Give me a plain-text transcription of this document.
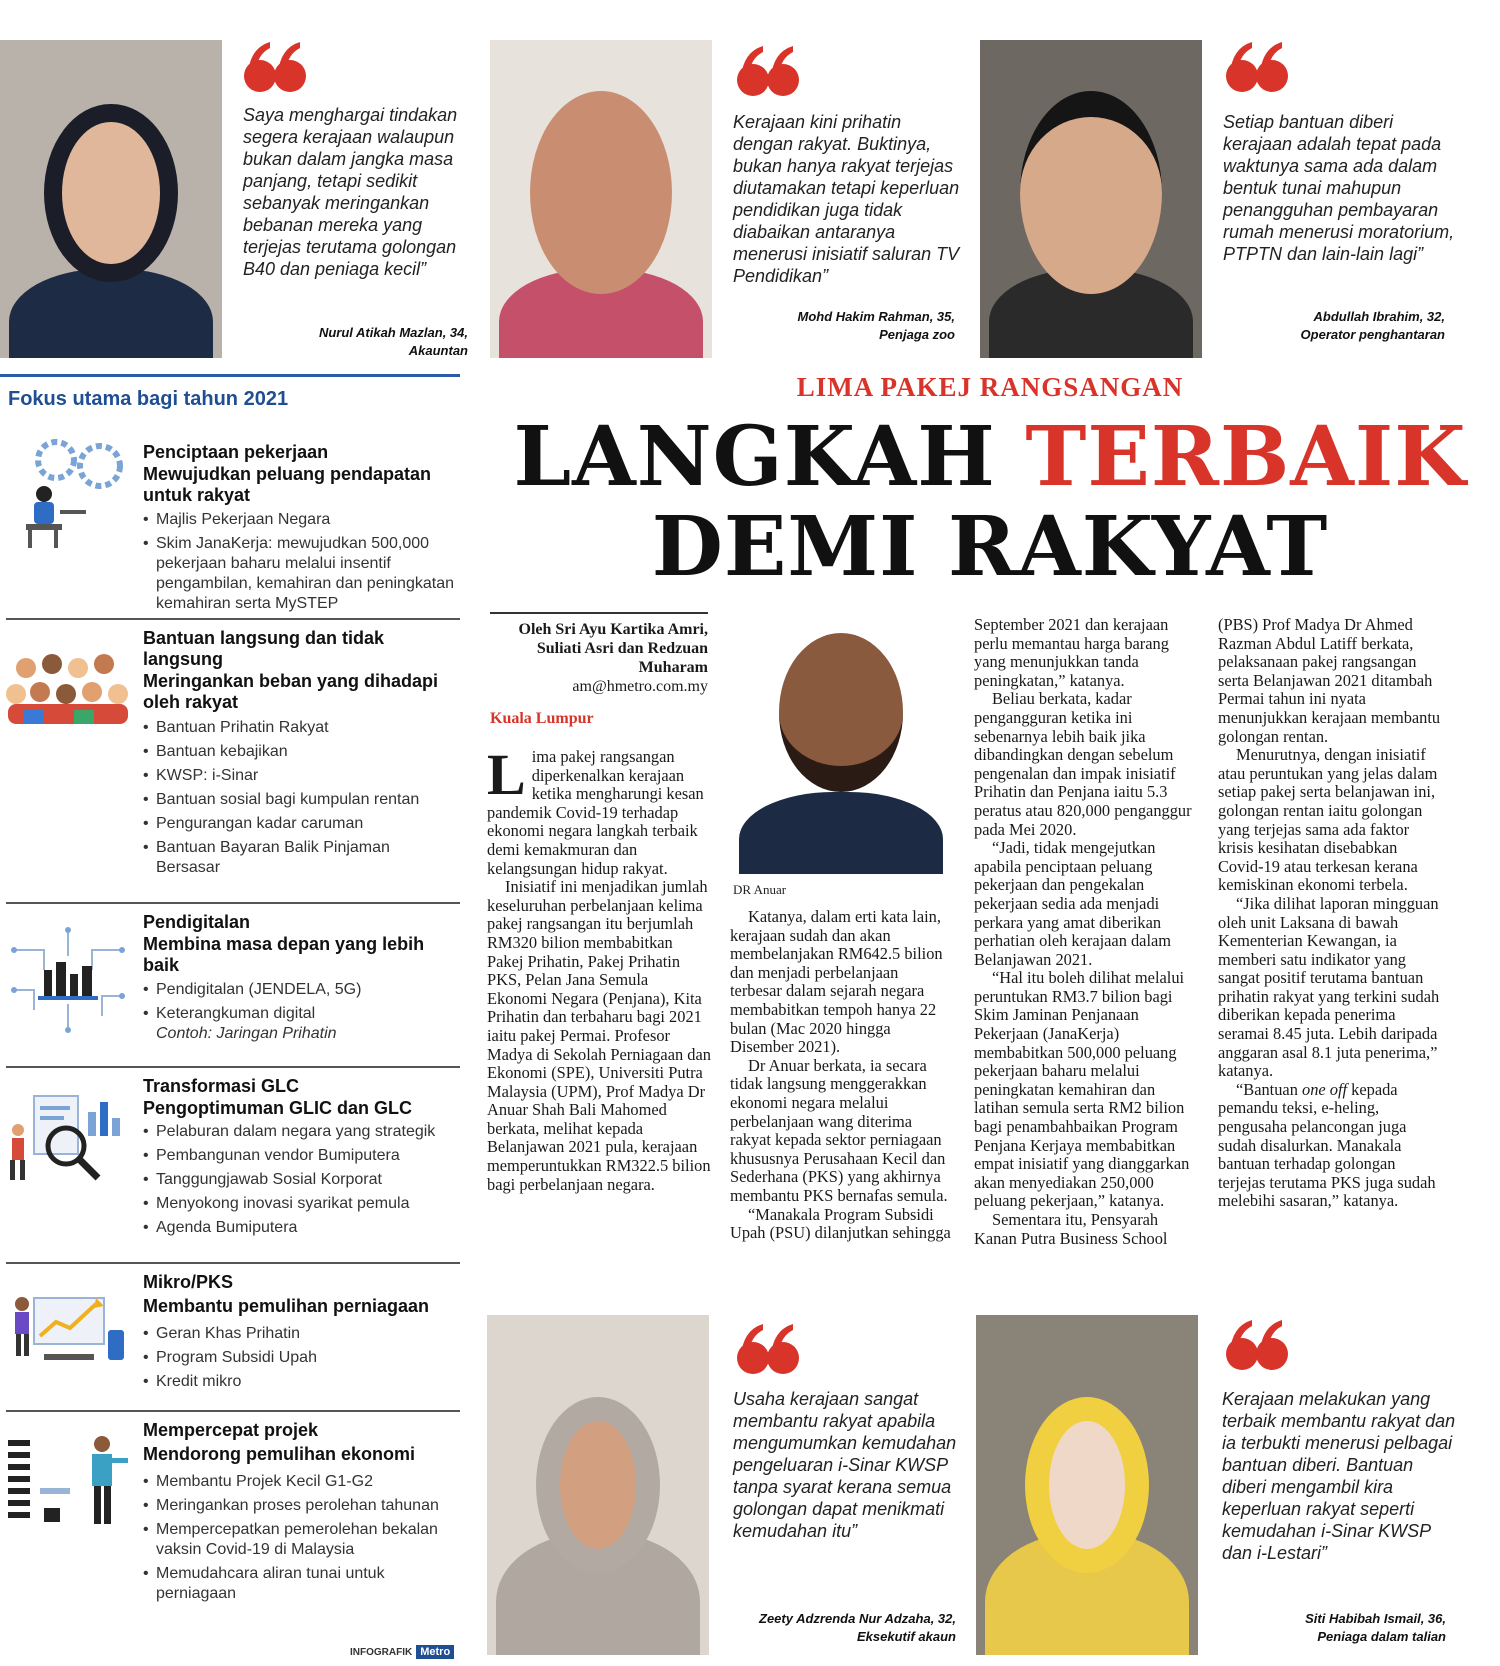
Saya menghargai tindakan segera kerajaan walaupun bukan dalam jangka masa panjang, tetapi sedikit sebanyak meringankan bebanan mereka yang terjejas terutama golongan B40 dan peniaga kecil”
Nurul Atikah Mazlan, 34,
Akauntan
Kerajaan kini prihatin dengan rakyat. Buktinya, bukan hanya rakyat terjejas diutamakan tetapi keperluan pendidikan juga tidak diabaikan antaranya menerusi inisiatif saluran TV Pendidikan”
Mohd Hakim Rahman, 35,
Penjaga zoo
Setiap bantuan diberi kerajaan adalah tepat pada waktunya sama ada dalam bentuk tunai mahupun penangguhan pembayaran rumah menerusi moratorium, PTPTN dan lain-lain lagi”
Abdullah Ibrahim, 32,
Operator penghantaran
Fokus utama bagi tahun 2021
Penciptaan pekerjaan
Mewujudkan peluang pendapatan untuk rakyat
• Majlis Pekerjaan Negara
• Skim JanaKerja: mewujudkan 500,000 pekerjaan baharu melalui insentif pengambilan, kemahiran dan peningkatan kemahiran serta MySTEP
Bantuan langsung dan tidak langsung
Meringankan beban yang dihadapi oleh rakyat
• Bantuan Prihatin Rakyat
• Bantuan kebajikan
• KWSP: i-Sinar
• Bantuan sosial bagi kumpulan rentan
• Pengurangan kadar caruman
• Bantuan Bayaran Balik Pinjaman Bersasar
Pendigitalan
Membina masa depan yang lebih baik
• Pendigitalan (JENDELA, 5G)
• Keterangkuman digital
Contoh: Jaringan Prihatin
Transformasi GLC
Pengoptimuman GLIC dan GLC
• Pelaburan dalam negara yang strategik
• Pembangunan vendor Bumiputera
• Tanggungjawab Sosial Korporat
• Menyokong inovasi syarikat pemula
• Agenda Bumiputera
Mikro/PKS
Membantu pemulihan perniagaan
• Geran Khas Prihatin
• Program Subsidi Upah
• Kredit mikro
Mempercepat projek
Mendorong pemulihan ekonomi
• Membantu Projek Kecil G1-G2
• Meringankan proses perolehan tahunan
• Mempercepatkan pemerolehan bekalan vaksin Covid-19 di Malaysia
• Memudahcara aliran tunai untuk perniagaan
INFOGRAFIK Metro
LIMA PAKEJ RANGSANGAN
LANGKAH TERBAIK
DEMI RAKYAT
Oleh Sri Ayu Kartika Amri, Suliati Asri dan Redzuan Muharam
am@hmetro.com.my
Kuala Lumpur

Lima pakej rangsangan diperkenalkan kerajaan ketika mengharungi kesan pandemik Covid-19 terhadap ekonomi negara langkah terbaik demi kemakmuran dan kelangsungan hidup rakyat.

Inisiatif ini menjadikan jumlah keseluruhan perbelanjaan kelima pakej rangsangan itu berjumlah RM320 bilion membabitkan Pakej Prihatin, Pakej Prihatin PKS, Pelan Jana Semula Ekonomi Negara (Penjana), Kita Prihatin dan terbaharu bagi 2021 iaitu pakej Permai. Profesor Madya di Sekolah Perniagaan dan Ekonomi (SPE), Universiti Putra Malaysia (UPM), Prof Madya Dr Anuar Shah Bali Mahomed berkata, melihat kepada Belanjawan 2021 pula, kerajaan memperuntukkan RM322.5 bilion bagi perbelanjaan negara.

DR Anuar

Katanya, dalam erti kata lain, kerajaan sudah dan akan membelanjakan RM642.5 bilion dan menjadi perbelanjaan terbesar dalam sejarah negara membabitkan tempoh hanya 22 bulan (Mac 2020 hingga Disember 2021).

Dr Anuar berkata, ia secara tidak langsung menggerakkan ekonomi negara melalui perbelanjaan wang diterima rakyat kepada sektor perniagaan khususnya Perusahaan Kecil dan Sederhana (PKS) yang akhirnya membantu PKS bernafas semula.

“Manakala Program Subsidi Upah (PSU) dilanjutkan sehingga

September 2021 dan kerajaan perlu memantau harga barang yang menunjukkan tanda peningkatan,” katanya.

Beliau berkata, kadar pengangguran ketika ini sebenarnya lebih baik jika dibandingkan dengan sebelum pengenalan dan impak inisiatif Prihatin dan Penjana iaitu 5.3 peratus atau 820,000 penganggur pada Mei 2020.

“Jadi, tidak mengejutkan apabila penciptaan peluang pekerjaan dan pengekalan pekerjaan sedia ada menjadi perkara yang amat diberikan perhatian oleh kerajaan dalam Belanjawan 2021.

“Hal itu boleh dilihat melalui peruntukan RM3.7 bilion bagi Skim Jaminan Penjanaan Pekerjaan (JanaKerja) membabitkan 500,000 peluang pekerjaan baharu melalui peningkatan kemahiran dan latihan semula serta RM2 bilion bagi penambahbaikan Program Penjana Kerjaya membabitkan empat inisiatif yang dianggarkan akan menyediakan 250,000 peluang pekerjaan,” katanya.

Sementara itu, Pensyarah Kanan Putra Business School

(PBS) Prof Madya Dr Ahmed Razman Abdul Latiff berkata, pelaksanaan pakej rangsangan serta Belanjawan 2021 ditambah Permai tahun ini nyata menunjukkan kerajaan membantu golongan rentan.

Menurutnya, dengan inisiatif atau peruntukan yang jelas dalam setiap pakej serta belanjawan ini, golongan rentan iaitu golongan yang terjejas sama ada faktor krisis kesihatan disebabkan Covid-19 atau terkesan kerana kemiskinan ekonomi terbela.

“Jika dilihat laporan mingguan oleh unit Laksana di bawah Kementerian Kewangan, ia memberi satu indikator yang sangat positif terutama bantuan prihatin rakyat yang terkini sudah diberikan kepada penerima seramai 8.45 juta. Lebih daripada anggaran asal 8.1 juta penerima,” katanya.

“Bantuan one off kepada pemandu teksi, e-heling, pengusaha pelancongan juga sudah disalurkan. Manakala bantuan terhadap golongan terjejas terutama PKS juga sudah melebihi sasaran,” katanya.

Usaha kerajaan sangat membantu rakyat apabila mengumumkan kemudahan pengeluaran i-Sinar KWSP tanpa syarat kerana semua golongan dapat menikmati kemudahan itu”
Zeety Adzrenda Nur Adzaha, 32,
Eksekutif akaun
Kerajaan melakukan yang terbaik membantu rakyat dan ia terbukti menerusi pelbagai bantuan diberi. Bantuan diberi mengambil kira keperluan rakyat seperti kemudahan i-Sinar KWSP dan i-Lestari”
Siti Habibah Ismail, 36,
Peniaga dalam talian
